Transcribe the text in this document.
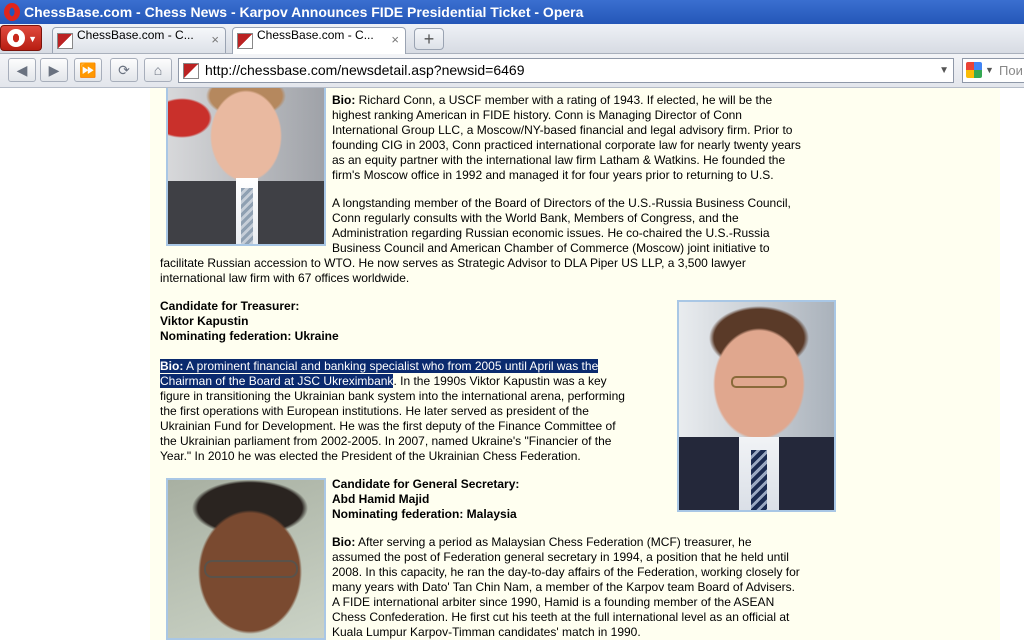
ChessBase.com - Chess News - Karpov Announces FIDE Presidential Ticket - Opera
▼	ChessBase.com - C... ×	ChessBase.com - C... ×	+
◀	▶	⏩	⟳	⌂	http://chessbase.com/newsdetail.asp?newsid=6469	▼	▼ Пои
Bio: Richard Conn, a USCF member with a rating of 1943. If elected, he will be the
highest ranking American in FIDE history. Conn is Managing Director of Conn
International Group LLC, a Moscow/NY-based financial and legal advisory firm. Prior to
founding CIG in 2003, Conn practiced international corporate law for nearly twenty years
as an equity partner with the international law firm Latham & Watkins. He founded the
firm's Moscow office in 1992 and managed it for four years prior to returning to U.S.
A longstanding member of the Board of Directors of the U.S.-Russia Business Council,
Conn regularly consults with the World Bank, Members of Congress, and the
Administration regarding Russian economic issues. He co-chaired the U.S.-Russia
Business Council and American Chamber of Commerce (Moscow) joint initiative to
facilitate Russian accession to WTO. He now serves as Strategic Advisor to DLA Piper US LLP, a 3,500 lawyer
international law firm with 67 offices worldwide.
Candidate for Treasurer:
Viktor Kapustin
Nominating federation: Ukraine
Bio: A prominent financial and banking specialist who from 2005 until April was the
Chairman of the Board at JSC Ukreximbank. In the 1990s Viktor Kapustin was a key
figure in transitioning the Ukrainian bank system into the international arena, performing
the first operations with European institutions. He later served as president of the
Ukrainian Fund for Development. He was the first deputy of the Finance Committee of
the Ukrainian parliament from 2002-2005. In 2007, named Ukraine's "Financier of the
Year." In 2010 he was elected the President of the Ukrainian Chess Federation.
Candidate for General Secretary:
Abd Hamid Majid
Nominating federation: Malaysia
Bio: After serving a period as Malaysian Chess Federation (MCF) treasurer, he
assumed the post of Federation general secretary in 1994, a position that he held until
2008. In this capacity, he ran the day-to-day affairs of the Federation, working closely for
many years with Dato' Tan Chin Nam, a member of the Karpov team Board of Advisers.
A FIDE international arbiter since 1990, Hamid is a founding member of the ASEAN
Chess Confederation. He first cut his teeth at the full international level as an official at
Kuala Lumpur Karpov-Timman candidates' match in 1990.
